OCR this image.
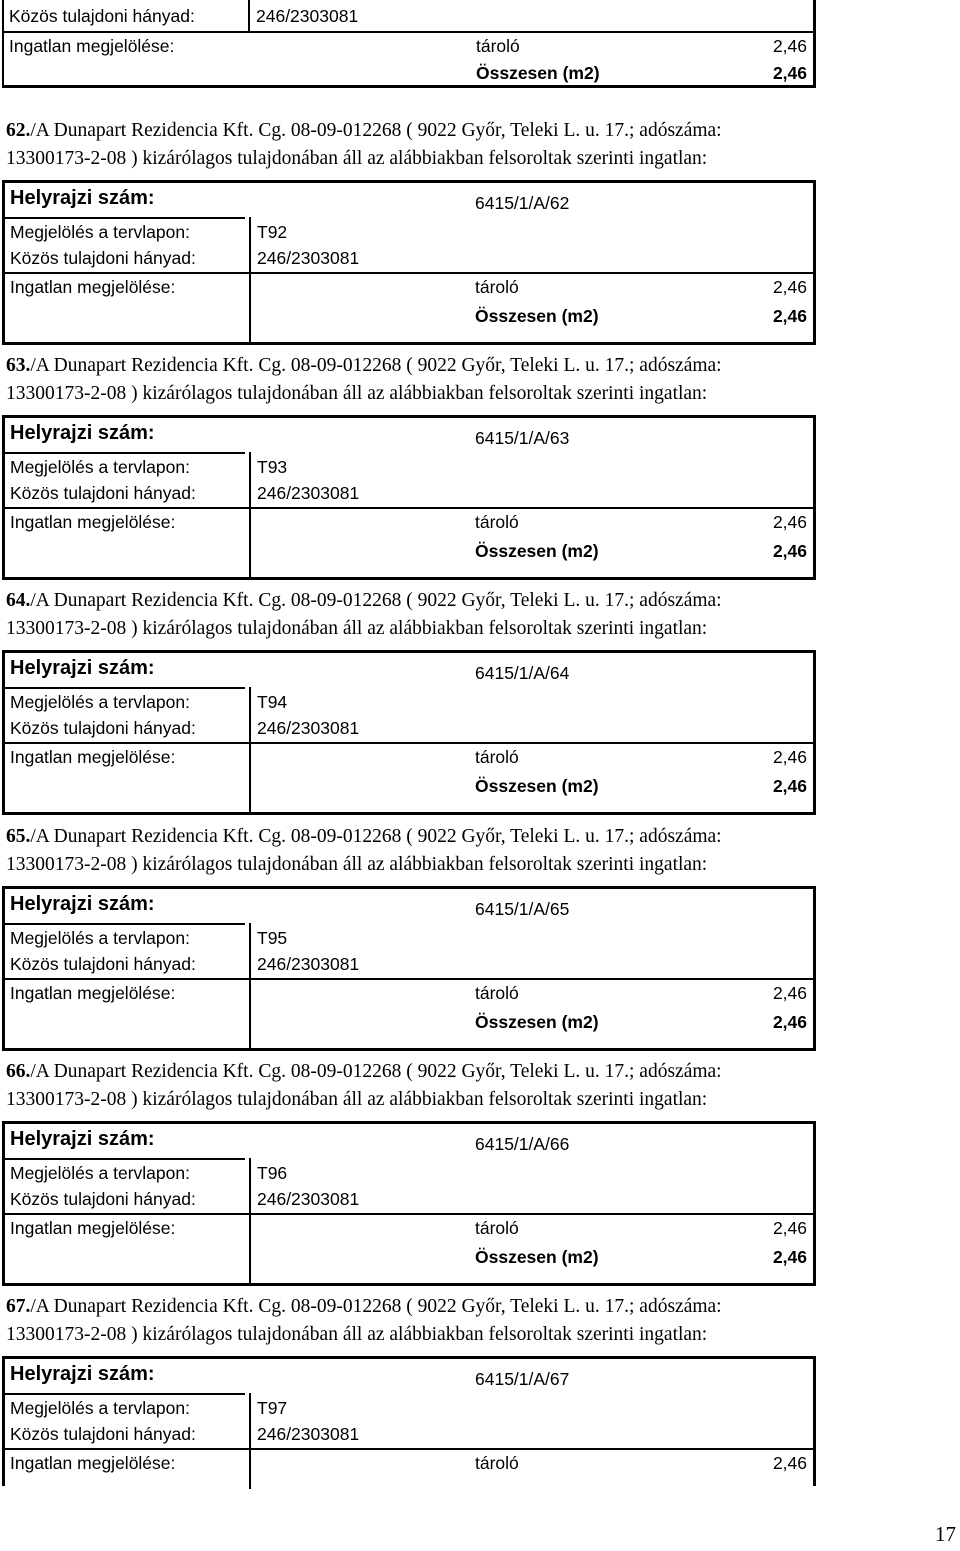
Közös tulajdoni hányad:	246/2303081
Ingatlan megjelölése:	tároló	2,46
Összesen (m2)	2,46
62./A Dunapart Rezidencia Kft. Cg. 08-09-012268 ( 9022 Győr, Teleki L. u. 17.; adószáma:
13300173-2-08 ) kizárólagos tulajdonában áll az alábbiakban felsoroltak szerinti ingatlan:
Helyrajzi szám:	6415/1/A/62
Megjelölés a tervlapon:	T92
Közös tulajdoni hányad:	246/2303081
Ingatlan megjelölése:	tároló	2,46
Összesen (m2)	2,46
63./A Dunapart Rezidencia Kft. Cg. 08-09-012268 ( 9022 Győr, Teleki L. u. 17.; adószáma:
13300173-2-08 ) kizárólagos tulajdonában áll az alábbiakban felsoroltak szerinti ingatlan:
Helyrajzi szám:	6415/1/A/63
Megjelölés a tervlapon:	T93
Közös tulajdoni hányad:	246/2303081
Ingatlan megjelölése:	tároló	2,46
Összesen (m2)	2,46
64./A Dunapart Rezidencia Kft. Cg. 08-09-012268 ( 9022 Győr, Teleki L. u. 17.; adószáma:
13300173-2-08 ) kizárólagos tulajdonában áll az alábbiakban felsoroltak szerinti ingatlan:
Helyrajzi szám:	6415/1/A/64
Megjelölés a tervlapon:	T94
Közös tulajdoni hányad:	246/2303081
Ingatlan megjelölése:	tároló	2,46
Összesen (m2)	2,46
65./A Dunapart Rezidencia Kft. Cg. 08-09-012268 ( 9022 Győr, Teleki L. u. 17.; adószáma:
13300173-2-08 ) kizárólagos tulajdonában áll az alábbiakban felsoroltak szerinti ingatlan:
Helyrajzi szám:	6415/1/A/65
Megjelölés a tervlapon:	T95
Közös tulajdoni hányad:	246/2303081
Ingatlan megjelölése:	tároló	2,46
Összesen (m2)	2,46
66./A Dunapart Rezidencia Kft. Cg. 08-09-012268 ( 9022 Győr, Teleki L. u. 17.; adószáma:
13300173-2-08 ) kizárólagos tulajdonában áll az alábbiakban felsoroltak szerinti ingatlan:
Helyrajzi szám:	6415/1/A/66
Megjelölés a tervlapon:	T96
Közös tulajdoni hányad:	246/2303081
Ingatlan megjelölése:	tároló	2,46
Összesen (m2)	2,46
67./A Dunapart Rezidencia Kft. Cg. 08-09-012268 ( 9022 Győr, Teleki L. u. 17.; adószáma:
13300173-2-08 ) kizárólagos tulajdonában áll az alábbiakban felsoroltak szerinti ingatlan:
Helyrajzi szám:	6415/1/A/67
Megjelölés a tervlapon:	T97
Közös tulajdoni hányad:	246/2303081
Ingatlan megjelölése:	tároló	2,46
17
